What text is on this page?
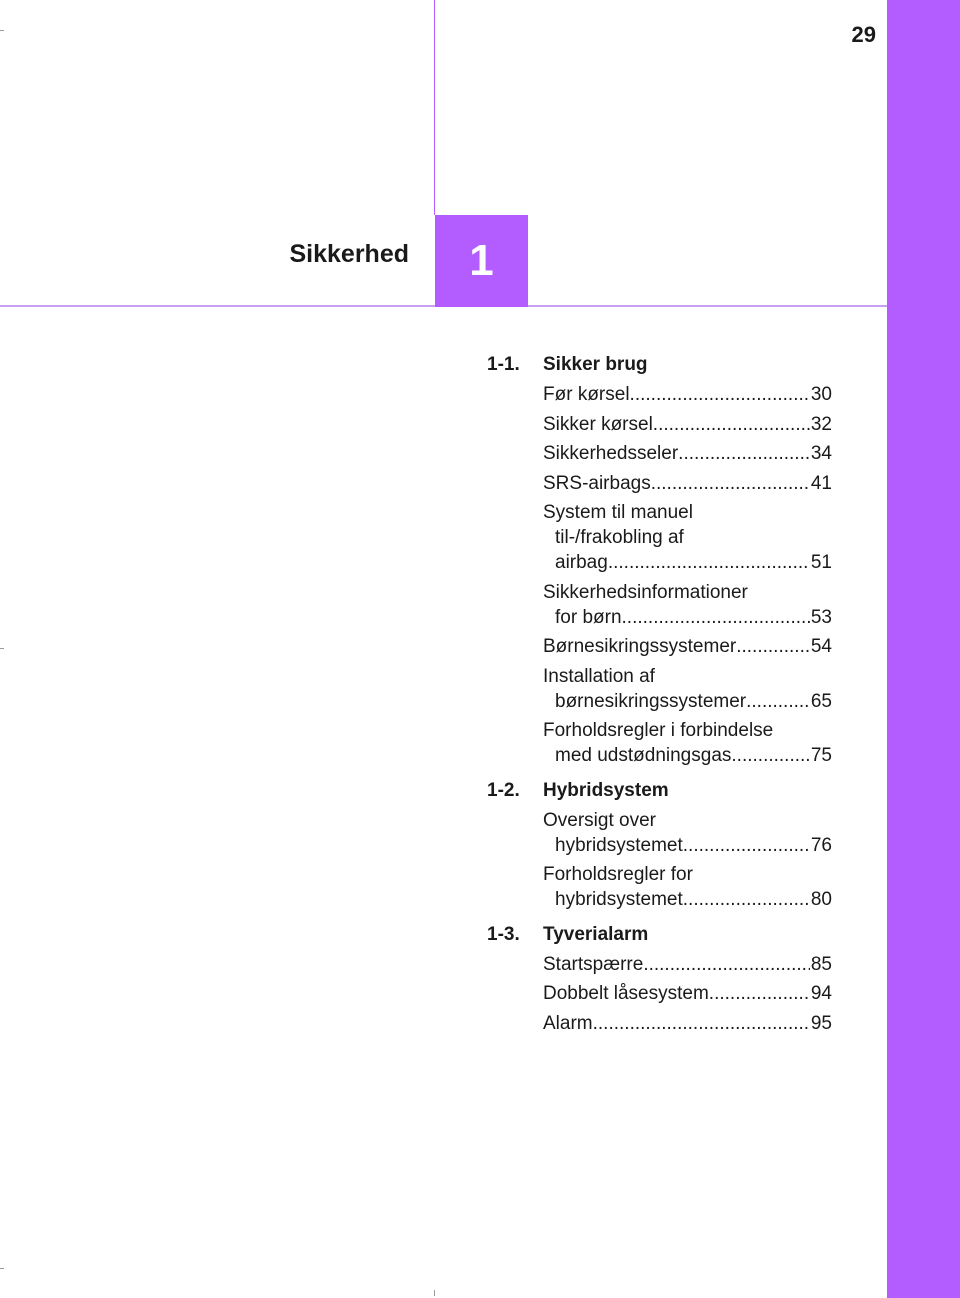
29
1
Sikkerhed
1-1.	Sikker brug
Før kørsel .....	30
Sikker kørsel .....	32
Sikkerhedsseler .....	34
SRS-airbags .....	41
System til manuel
til-/frakobling af
airbag .....	51
Sikkerhedsinformationer
for børn .....	53
Børnesikringssystemer .....	54
Installation af
børnesikringssystemer .....	65
Forholdsregler i forbindelse
med udstødningsgas .....	75
1-2.	Hybridsystem
Oversigt over
hybridsystemet .....	76
Forholdsregler for
hybridsystemet .....	80
1-3.	Tyverialarm
Startspærre .....	85
Dobbelt låsesystem .....	94
Alarm .....	95
carmanualsonline.info
